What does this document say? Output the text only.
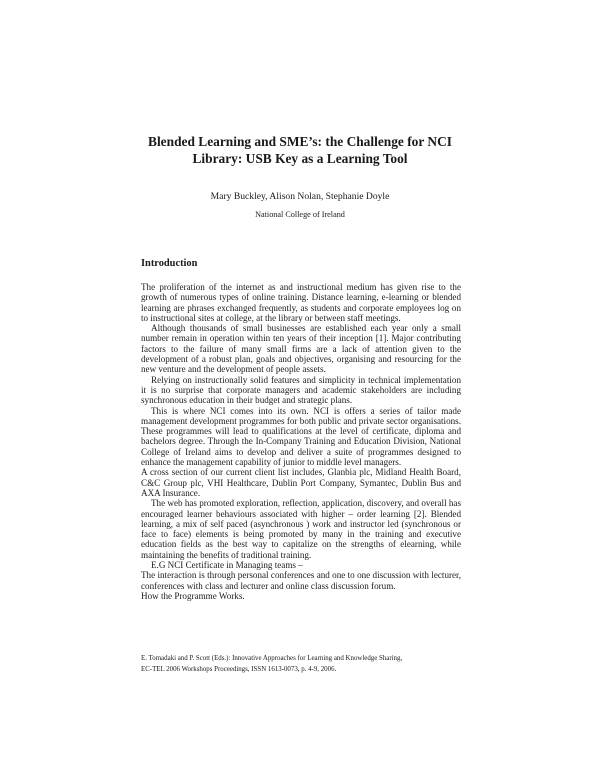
Blended Learning and SME’s: the Challenge for NCI
Library: USB Key as a Learning Tool
Mary Buckley, Alison Nolan, Stephanie Doyle
National College of Ireland
Introduction

The proliferation of the internet as and instructional medium has given rise to the growth of numerous types of online training. Distance learning, e-learning or blended learning are phrases exchanged frequently, as students and corporate employees log on to instructional sites at college, at the library or between staff meetings.

Although thousands of small businesses are established each year only a small number remain in operation within ten years of their inception [1]. Major contributing factors to the failure of many small firms are a lack of attention given to the development of a robust plan, goals and objectives, organising and resourcing for the new venture and the development of people assets.

Relying on instructionally solid features and simplicity in technical implementation it is no surprise that corporate managers and academic stakeholders are including synchronous education in their budget and strategic plans.

This is where NCI comes into its own. NCI is offers a series of tailor made management development programmes for both public and private sector organisations. These programmes will lead to qualifications at the level of certificate, diploma and bachelors degree. Through the In-Company Training and Education Division, National College of Ireland aims to develop and deliver a suite of programmes designed to enhance the management capability of junior to middle level managers.

A cross section of our current client list includes, Glanbia plc, Midland Health Board, C&C Group plc, VHI Healthcare, Dublin Port Company, Symantec, Dublin Bus and AXA Insurance.

The web has promoted exploration, reflection, application, discovery, and overall has encouraged learner behaviours associated with higher – order learning [2]. Blended learning, a mix of self paced (asynchronous ) work and instructor led (synchronous or face to face) elements is being promoted by many in the training and executive education fields as the best way to capitalize on the strengths of elearning, while maintaining the benefits of traditional training.

E.G NCI Certificate in Managing teams –

The interaction is through personal conferences and one to one discussion with lecturer, conferences with class and lecturer and online class discussion forum.

How the Programme Works.

E. Tomadaki and P. Scott (Eds.): Innovative Approaches for Learning and Knowledge Sharing,
EC-TEL 2006 Workshops Proceedings, ISSN 1613-0073, p. 4-9, 2006.
